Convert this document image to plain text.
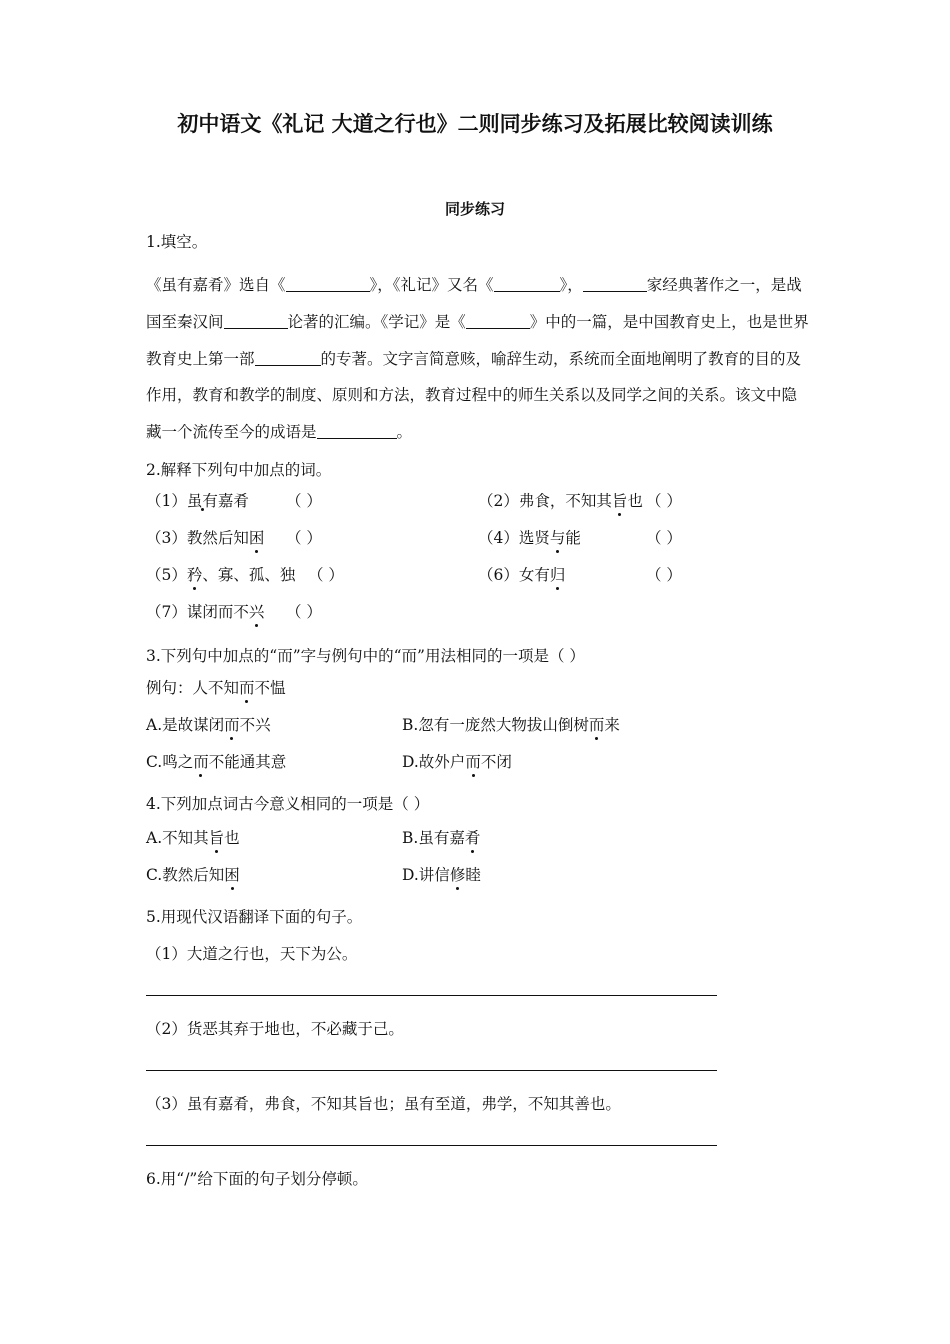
初中语文《礼记 大道之行也》二则同步练习及拓展比较阅读训练
同步练习
1.填空。
《虽有嘉肴》选自《	》，《礼记》又名《	》，	家经典著作之一，是战国至秦汉间	论著的汇编。《学记》是《	》中的一篇，是中国教育史上，也是世界教育史上第一部	的专著。文字言简意赅，喻辞生动，系统而全面地阐明了教育的目的及作用，教育和教学的制度、原则和方法，教育过程中的师生关系以及同学之间的关系。该文中隐藏一个流传至今的成语是	。
2.解释下列句中加点的词。
（1）虽有嘉肴 （ ）	（2）弗食，不知其旨也 （ ）
（3）教然后知困 （ ）	（4）选贤与能	（ ）
（5）矜、寡、孤、独 （ ）	（6）女有归	（ ）
（7）谋闭而不兴 （ ）
3.下列句中加点的“而”字与例句中的“而”用法相同的一项是（ ）
例句：人不知而不愠
A.是故谋闭而不兴	B.忽有一庞然大物拔山倒树而来
C.鸣之而不能通其意	D.故外户而不闭
4.下列加点词古今意义相同的一项是（ ）
A.不知其旨也	B.虽有嘉肴
C.教然后知困	D.讲信修睦
5.用现代汉语翻译下面的句子。
（1）大道之行也，天下为公。
（2）货恶其弃于地也，不必藏于己。
（3）虽有嘉肴，弗食，不知其旨也；虽有至道，弗学，不知其善也。
6.用“/”给下面的句子划分停顿。
